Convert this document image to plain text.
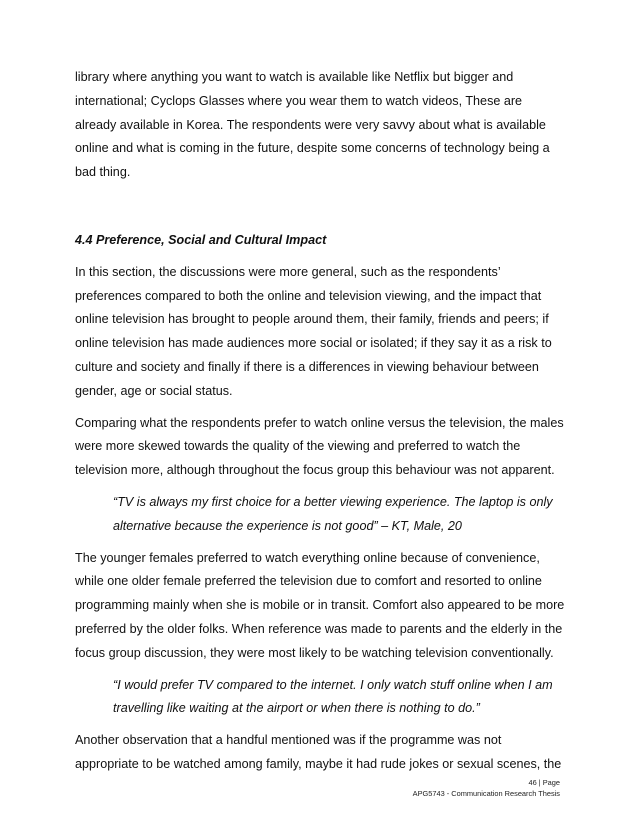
library where anything you want to watch is available like Netflix but bigger and international; Cyclops Glasses where you wear them to watch videos, These are already available in Korea. The respondents were very savvy about what is available online and what is coming in the future, despite some concerns of technology being a bad thing.

4.4 Preference, Social and Cultural Impact

In this section, the discussions were more general, such as the respondents’ preferences compared to both the online and television viewing, and the impact that online television has brought to people around them, their family, friends and peers; if online television has made audiences more social or isolated; if they say it as a risk to culture and society and finally if there is a differences in viewing behaviour between gender, age or social status.

Comparing what the respondents prefer to watch online versus the television, the males were more skewed towards the quality of the viewing and preferred to watch the television more, although throughout the focus group this behaviour was not apparent.

“TV is always my first choice for a better viewing experience. The laptop is only alternative because the experience is not good” – KT, Male, 20

The younger females preferred to watch everything online because of convenience, while one older female preferred the television due to comfort and resorted to online programming mainly when she is mobile or in transit. Comfort also appeared to be more preferred by the older folks. When reference was made to parents and the elderly in the focus group discussion, they were most likely to be watching television conventionally.

“I would prefer TV compared to the internet. I only watch stuff online when I am travelling like waiting at the airport or when there is nothing to do.”

Another observation that a handful mentioned was if the programme was not appropriate to be watched among family, maybe it had rude jokes or sexual scenes, the

46 | Page
APG5743 - Communication Research Thesis
